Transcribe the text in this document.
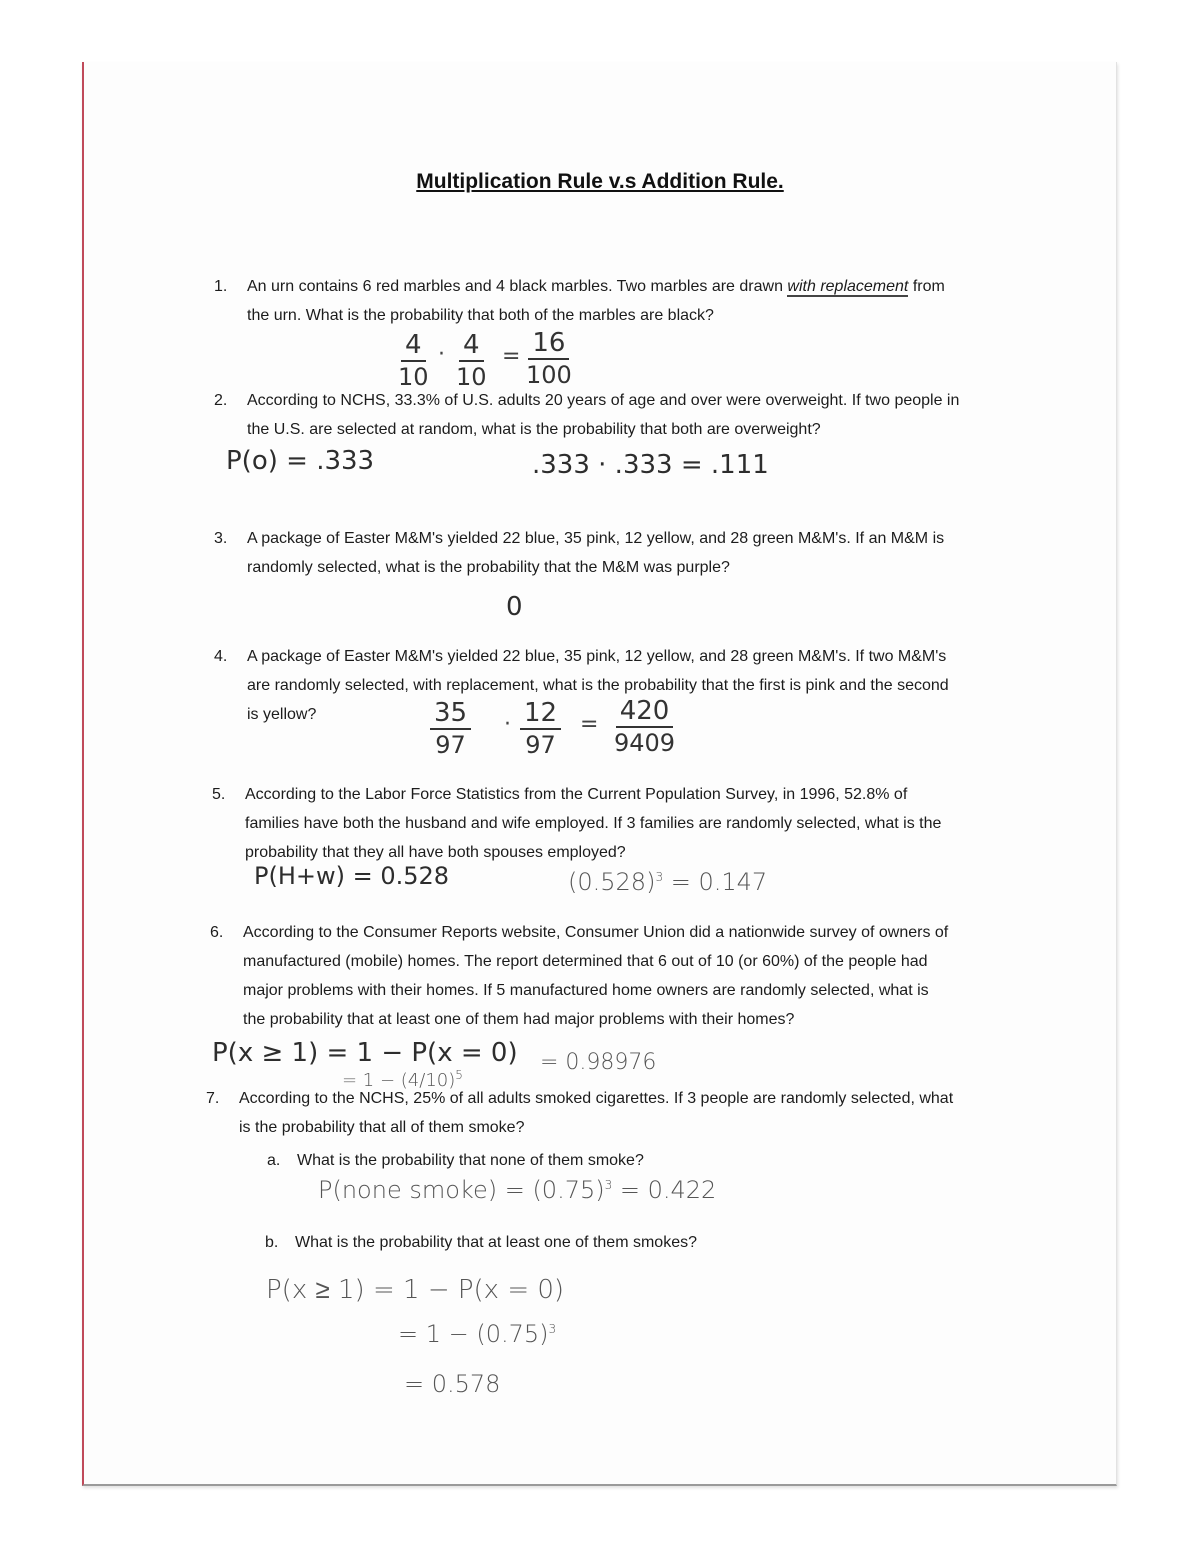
Multiplication Rule v.s Addition Rule.
1. An urn contains 6 red marbles and 4 black marbles. Two marbles are drawn with replacement from
the urn. What is the probability that both of the marbles are black?
$\frac{4}{10} \cdot \frac{4}{10} = \frac{16}{100}$
2. According to NCHS, 33.3% of U.S. adults 20 years of age and over were overweight. If two people in
the U.S. are selected at random, what is the probability that both are overweight?
P(o) = .333	.333 · .333 = .111
3. A package of Easter M&M's yielded 22 blue, 35 pink, 12 yellow, and 28 green M&M's. If an M&M is
randomly selected, what is the probability that the M&M was purple?
0
4. A package of Easter M&M's yielded 22 blue, 35 pink, 12 yellow, and 28 green M&M's. If two M&M's
are randomly selected, with replacement, what is the probability that the first is pink and the second
is yellow?	$\frac{35}{97} \cdot \frac{12}{97} = \frac{420}{9409}$
5. According to the Labor Force Statistics from the Current Population Survey, in 1996, 52.8% of
families have both the husband and wife employed. If 3 families are randomly selected, what is the
probability that they all have both spouses employed?
P(H+w) = 0.528	$(0.528)^3 = 0.147$
6. According to the Consumer Reports website, Consumer Union did a nationwide survey of owners of
manufactured (mobile) homes. The report determined that 6 out of 10 (or 60%) of the people had
major problems with their homes. If 5 manufactured home owners are randomly selected, what is
the probability that at least one of them had major problems with their homes?
P(x ≥ 1) = 1 − P(x = 0)
= $1 - (4/10)^5$	= 0.98976
7. According to the NCHS, 25% of all adults smoked cigarettes. If 3 people are randomly selected, what
is the probability that all of them smoke?
a. What is the probability that none of them smoke?
P(none smoke) = $(0.75)^3 = 0.422$
b. What is the probability that at least one of them smokes?
P(x ≥ 1) = 1 − P(x = 0)
= $1 - (0.75)^3$
= 0.578
